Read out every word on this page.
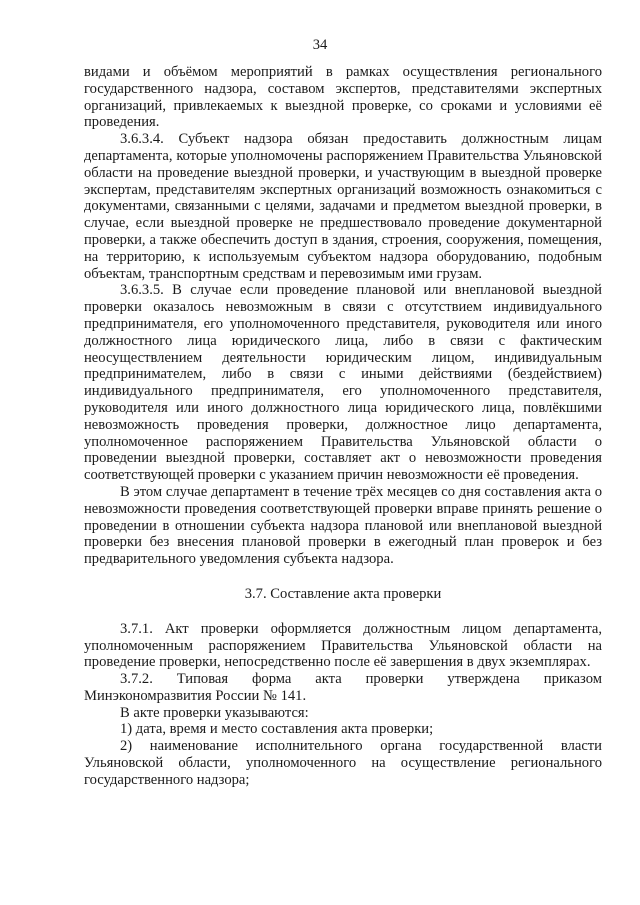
34

видами и объёмом мероприятий в рамках осуществления регионального государственного надзора, составом экспертов, представителями экспертных организаций, привлекаемых к выездной проверке, со сроками и условиями её проведения.

3.6.3.4. Субъект надзора обязан предоставить должностным лицам департамента, которые уполномочены распоряжением Правительства Ульяновской области на проведение выездной проверки, и участвующим в выездной проверке экспертам, представителям экспертных организаций возможность ознакомиться с документами, связанными с целями, задачами и предметом выездной проверки, в случае, если выездной проверке не предшествовало проведение документарной проверки, а также обеспечить доступ в здания, строения, сооружения, помещения, на территорию, к используемым субъектом надзора оборудованию, подобным объектам, транспортным средствам и перевозимым ими грузам.

3.6.3.5. В случае если проведение плановой или внеплановой выездной проверки оказалось невозможным в связи с отсутствием индивидуального предпринимателя, его уполномоченного представителя, руководителя или иного должностного лица юридического лица, либо в связи с фактическим неосуществлением деятельности юридическим лицом, индивидуальным предпринимателем, либо в связи с иными действиями (бездействием) индивидуального предпринимателя, его уполномоченного представителя, руководителя или иного должностного лица юридического лица, повлёкшими невозможность проведения проверки, должностное лицо департамента, уполномоченное распоряжением Правительства Ульяновской области о проведении выездной проверки, составляет акт о невозможности проведения соответствующей проверки с указанием причин невозможности её проведения.

В этом случае департамент в течение трёх месяцев со дня составления акта о невозможности проведения соответствующей проверки вправе принять решение о проведении в отношении субъекта надзора плановой или внеплановой выездной проверки без внесения плановой проверки в ежегодный план проверок и без предварительного уведомления субъекта надзора.

3.7. Составление акта проверки

3.7.1. Акт проверки оформляется должностным лицом департамента, уполномоченным распоряжением Правительства Ульяновской области на проведение проверки, непосредственно после её завершения в двух экземплярах.

3.7.2. Типовая форма акта проверки утверждена приказом Минэкономразвития России № 141.

В акте проверки указываются:

1) дата, время и место составления акта проверки;

2) наименование исполнительного органа государственной власти Ульяновской области, уполномоченного на осуществление регионального государственного надзора;
